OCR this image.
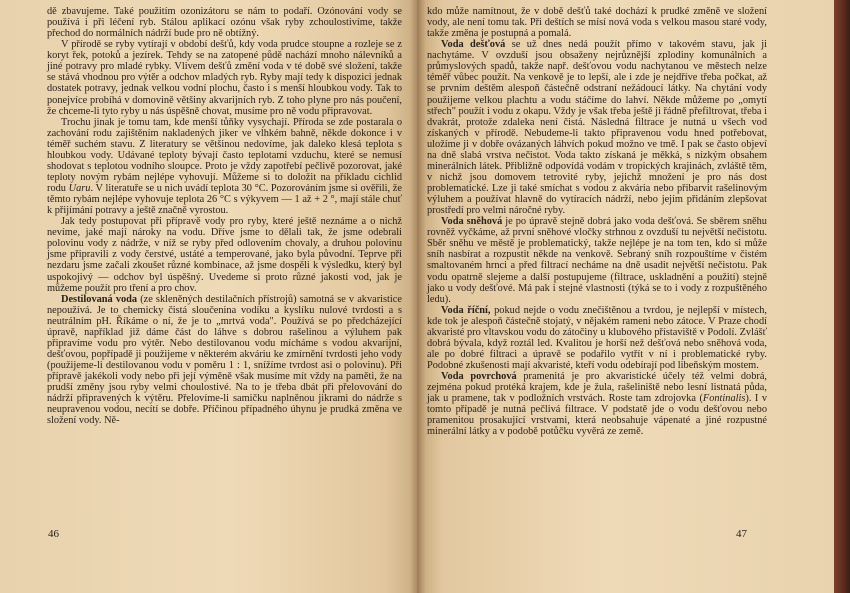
dě zbavujeme. Také použitím ozonizátoru se nám to podaří. Ozónování vody se používá i při léčení ryb. Stálou aplikací ozónu však ryby zchoulostivíme, takže přechod do normálních nádrží bude pro ně obtížný.

V přírodě se ryby vytírají v období dešťů, kdy voda prudce stoupne a rozleje se z koryt řek, potoků a jezírek. Tehdy se na zatopené půdě nachází mnoho nálevníků a jiné potravy pro mladé rybky. Vlivem dešťů změní voda v té době své složení, takže se stává vhodnou pro výtěr a odchov mladých ryb. Ryby mají tedy k dispozici jednak dostatek potravy, jednak velkou vodní plochu, často i s menší hloubkou vody. Tak to ponejvíce probíhá v domovině většiny akvarijních ryb. Z toho plyne pro nás poučení, že chceme-li tyto ryby u nás úspěšně chovat, musíme pro ně vodu připravovat.

Trochu jinak je tomu tam, kde menší tůňky vysychají. Příroda se zde postarala o zachování rodu zajištěním nakladených jiker ve vlhkém bahně, někde dokonce i v téměř suchém stavu. Z literatury se většinou nedovíme, jak daleko klesá teplota s hloubkou vody. Udávané teploty bývají často teplotami vzduchu, které se nemusí shodovat s teplotou vodního sloupce. Proto je vždy zapotřebí pečlivě pozorovat, jaké teploty novým rybám nejlépe vyhovují. Můžeme si to doložit na příkladu cichlid rodu Uaru. V literatuře se u nich uvádí teplota 30 °C. Pozorováním jsme si ověřili, že těmto rybám nejlépe vyhovuje teplota 26 °C s výkyvem — 1 až + 2 °, mají stále chuť k přijímání potravy a ještě značně vyrostou.

Jak tedy postupovat při přípravě vody pro ryby, které ještě neznáme a o nichž nevíme, jaké mají nároky na vodu. Dříve jsme to dělali tak, že jsme odebrali polovinu vody z nádrže, v níž se ryby před odlovením chovaly, a druhou polovinu jsme připravili z vody čerstvé, ustáté a temperované, jako byla původní. Teprve při nezdaru jsme začali zkoušet různé kombinace, až jsme dospěli k výsledku, který byl uspokojivý — odchov byl úspěšný. Uvedeme si proto různé jakosti vod, jak je můžeme použít pro tření a pro chov.

Destilovaná voda (ze skleněných destilačních přístrojů) samotná se v akvaristice nepoužívá. Je to chemicky čistá sloučenina vodíku a kyslíku nulové tvrdosti a s neutrálním pH. Říkáme o ní, že je to „mrtvá voda". Používá se po předcházející úpravě, například již dáme část do láhve s dobrou rašelinou a výluhem pak připravíme vodu pro výtěr. Nebo destilovanou vodu mícháme s vodou akvarijní, dešťovou, popřípadě ji použijeme v některém akváriu ke zmírnění tvrdosti jeho vody (použijeme-li destilovanou vodu v poměru 1 : 1, snížíme tvrdost asi o polovinu). Při přípravě jakékoli vody nebo při její výměně však musíme mít vždy na paměti, že na prudší změny jsou ryby velmi choulostivé. Na to je třeba dbát při přelovování do nádrží připravených k výtěru. Přelovíme-li samičku naplněnou jikrami do nádrže s neupravenou vodou, necítí se dobře. Příčinou případného úhynu je prudká změna ve složení vody. Ně-

46

kdo může namítnout, že v době dešťů také dochází k prudké změně ve složení vody, ale není tomu tak. Při deštích se mísí nová voda s velkou masou staré vody, takže změna je postupná a pomalá.

Voda dešťová se už dnes nedá použít přímo v takovém stavu, jak ji nachytáme. V ovzduší jsou obsaženy nejrůznější zplodiny komunálních a průmyslových spadů, takže např. dešťovou vodu nachytanou ve městech nelze téměř vůbec použít. Na venkově je to lepší, ale i zde je nejdříve třeba počkat, až se prvním deštěm alespoň částečně odstraní nežádoucí látky. Na chytání vody použijeme velkou plachtu a vodu stáčíme do lahví. Někde můžeme po „omytí střech" použít i vodu z okapu. Vždy je však třeba ještě ji řádně přefiltrovat, třeba i dvakrát, protože zdaleka není čistá. Následná filtrace je nutná u všech vod získaných v přírodě. Nebudeme-li takto připravenou vodu hned potřebovat, uložíme ji v dobře ovázaných láhvích pokud možno ve tmě. I pak se často objeví na dně slabá vrstva nečistot. Voda takto získaná je měkká, s nízkým obsahem minerálních látek. Přibližně odpovídá vodám v tropických krajinách, zvláště těm, v nichž jsou domovem tetrovité ryby, jejichž množení je pro nás dost problematické. Lze ji také smíchat s vodou z akvária nebo přibarvit rašelinovým výluhem a používat hlavně do vytíracích nádrží, nebo jejím přidáním zlepšovat prostředí pro velmi náročné ryby.

Voda sněhová je po úpravě stejně dobrá jako voda dešťová. Se sběrem sněhu rovněž vyčkáme, až první sněhové vločky strhnou z ovzduší tu největší nečistotu. Sběr sněhu ve městě je problematický, takže nejlépe je na tom ten, kdo si může sníh nasbírat a rozpustit někde na venkově. Sebraný sníh rozpouštíme v čistém smaltovaném hrnci a před filtrací necháme na dně usadit největší nečistotu. Pak vodu opatrně slejeme a další postupujeme (filtrace, uskladnění a použití) stejně jako u vody dešťové. Má pak i stejné vlastnosti (týká se to i vody z rozpuštěného ledu).

Voda říční, pokud nejde o vodu znečištěnou a tvrdou, je nejlepší v místech, kde tok je alespoň částečně stojatý, v nějakém rameni nebo zátoce. V Praze chodí akvaristé pro vltavskou vodu do zátočiny u klubového přístaviště v Podolí. Zvlášť dobrá bývala, když roztál led. Kvalitou je horší než dešťová nebo sněhová voda, ale po dobré filtraci a úpravě se podařilo vytřít v ní i problematické ryby. Podobné zkušenosti mají akvaristé, kteří vodu odebírají pod libeňským mostem.

Voda povrchová pramenitá je pro akvaristické účely též velmi dobrá, zejména pokud protéká krajem, kde je žula, rašeliniště nebo lesní listnatá půda, jak u pramene, tak v podložních vrstvách. Roste tam zdrojovka (Fontinalis). I v tomto případě je nutná pečlivá filtrace. V podstatě jde o vodu dešťovou nebo pramenitou prosakující vrstvami, která neobsahuje vápenaté a jiné rozpustné minerální látky a v podobě potůčku vyvěrá ze země.

47
